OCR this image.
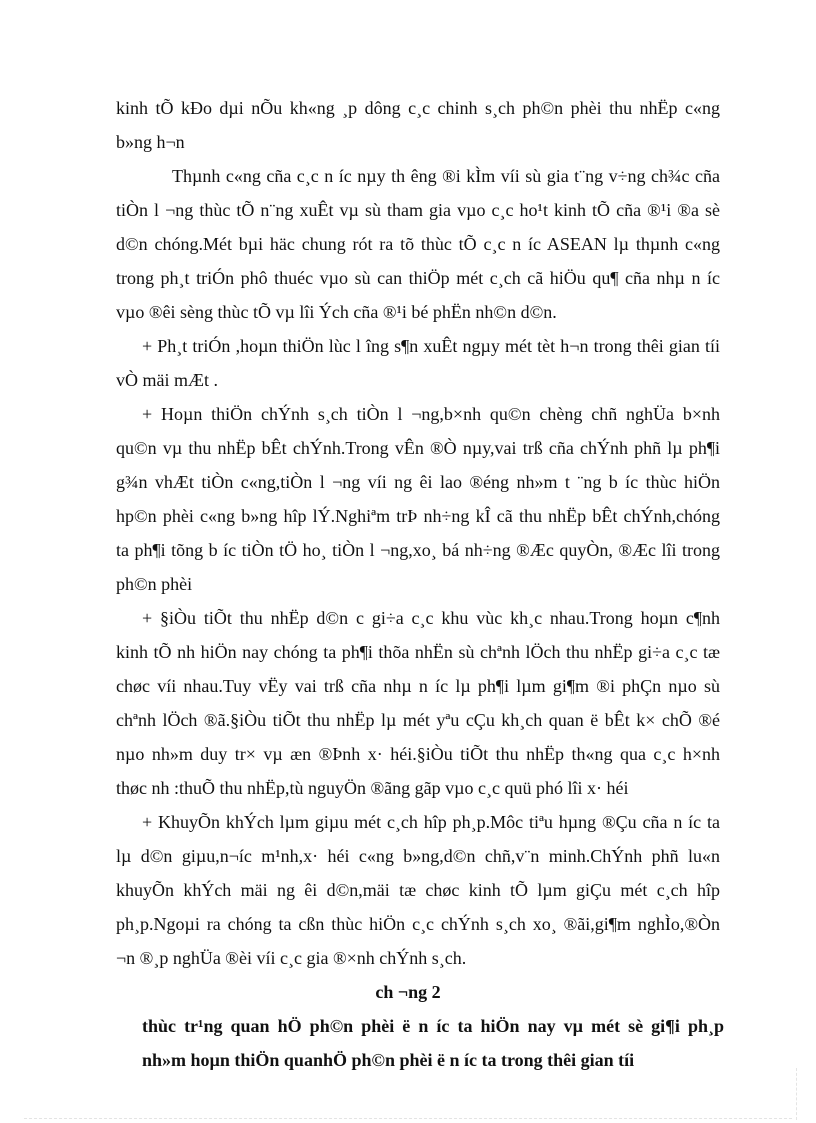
kinh tÕ kÐo dµi nÕu kh«ng ¸p dông c¸c chinh s¸ch ph©n phèi thu nhËp c«ng
b»ng h¬n
Thµnh c«ng cña c¸c n íc nµy th êng ®i kÌm víi sù gia t¨ng v÷ng ch¾c cña
tiÒn l ¬ng thùc tÕ n¨ng xuÊt vµ sù tham gia vµo c¸c ho¹t kinh tÕ cña ®¹i ®a sè
d©n chóng.Mét bµi häc chung rót ra tõ thùc tÕ c¸c n íc ASEAN lµ thµnh c«ng
trong ph¸t triÓn phô thuéc vµo sù can thiÖp mét c¸ch cã hiÖu qu¶ cña nhµ n íc
vµo ®êi sèng thùc tÕ vµ lîi Ých cña ®¹i bé phËn nh©n d©n.
+ Ph¸t triÓn ,hoµn thiÖn lùc l îng s¶n xuÊt ngµy mét tèt h¬n trong thêi gian tíi
vÒ mäi mÆt .
+ Hoµn thiÖn chÝnh s¸ch tiÒn l ¬ng,b×nh qu©n chèng chñ nghÜa b×nh
qu©n vµ thu nhËp bÊt chÝnh.Trong vÊn ®Ò nµy,vai trß cña chÝnh phñ lµ ph¶i
g¾n vhÆt tiÒn c«ng,tiÒn l ¬ng víi ng êi lao ®éng nh»m t ¨ng b íc thùc hiÖn
hp©n phèi c«ng b»ng hîp lÝ.Nghiªm trÞ nh÷ng kÎ cã thu nhËp bÊt chÝnh,chóng
ta ph¶i tõng b íc tiÒn tÖ ho¸ tiÒn l ¬ng,xo¸ bá nh÷ng ®Æc quyÒn, ®Æc lîi trong
ph©n phèi
+ §iÒu tiÕt thu nhËp d©n c gi÷a c¸c khu vùc kh¸c nhau.Trong hoµn c¶nh
kinh tÕ nh hiÖn nay chóng ta ph¶i thõa nhËn sù chªnh lÖch thu nhËp gi÷a c¸c tæ
chøc víi nhau.Tuy vËy vai trß cña nhµ n íc lµ ph¶i lµm gi¶m ®i phÇn nµo sù
chªnh lÖch ®ã.§iÒu tiÕt thu nhËp lµ mét yªu cÇu kh¸ch quan ë bÊt k× chÕ ®é
nµo nh»m duy tr× vµ æn ®Þnh x· héi.§iÒu tiÕt thu nhËp th«ng qua c¸c h×nh
thøc nh :thuÕ thu nhËp,tù nguyÖn ®ãng gãp vµo c¸c quü phó lîi x· héi
+ KhuyÕn khÝch lµm giµu mét c¸ch hîp ph¸p.Môc tiªu hµng ®Çu cña n íc ta
lµ d©n giµu,n¬íc m¹nh,x· héi c«ng b»ng,d©n chñ,v¨n minh.ChÝnh phñ lu«n
khuyÕn khÝch mäi ng êi d©n,mäi tæ chøc kinh tÕ lµm giÇu mét c¸ch hîp
ph¸p.Ngoµi ra chóng ta cßn thùc hiÖn c¸c chÝnh s¸ch xo¸ ®ãi,gi¶m nghÌo,®Òn
¬n ®¸p nghÜa ®èi víi c¸c gia ®×nh chÝnh s¸ch.
ch ¬ng 2
thùc tr¹ng quan hÖ ph©n phèi ë n íc ta hiÖn nay vµ mét sè gi¶i ph¸p
nh»m hoµn thiÖn quanhÖ ph©n phèi ë n íc ta trong thêi gian tíi
